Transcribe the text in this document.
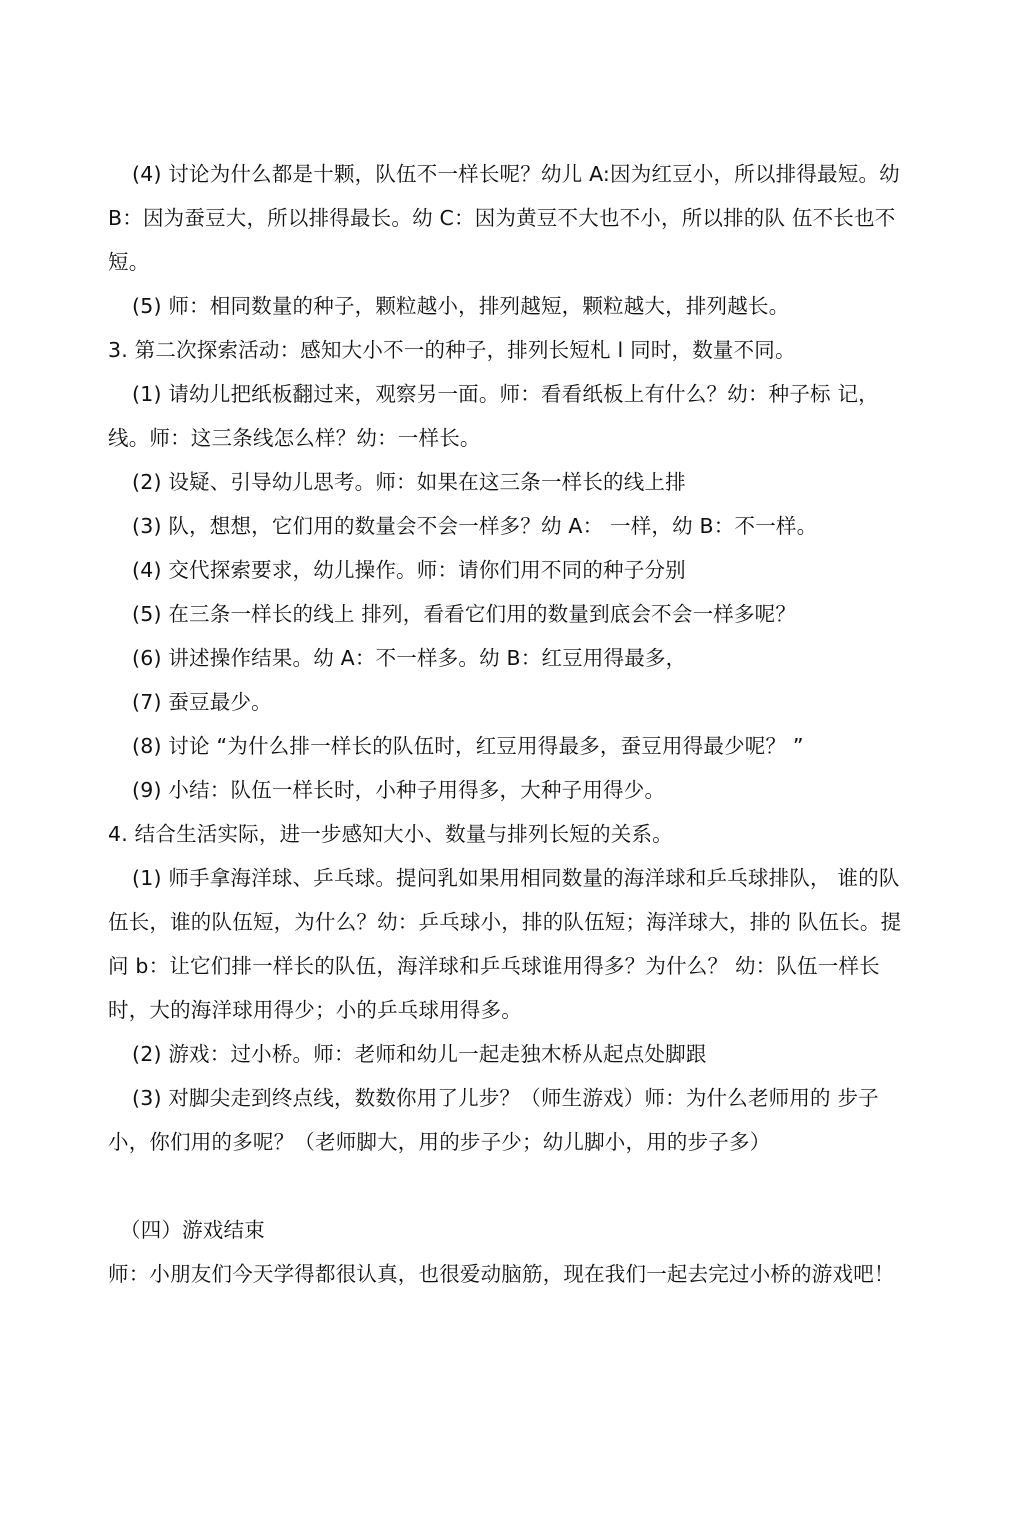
(4) 讨论为什么都是十颗，队伍不一样长呢？幼儿 A:因为红豆小，所以排得最短。幼 B：因为蚕豆大，所以排得最长。幼 C：因为黄豆不大也不小，所以排的队 伍不长也不短。

(5) 师：相同数量的种子，颗粒越小，排列越短，颗粒越大，排列越长。

3. 第二次探索活动：感知大小不一的种子，排列长短札 l 同时，数量不同。

(1) 请幼儿把纸板翻过来，观察另一面。师：看看纸板上有什么？幼：种子标 记，线。师：这三条线怎么样？幼：一样长。

(2) 设疑、引导幼儿思考。师：如果在这三条一样长的线上排

(3) 队，想想，它们用的数量会不会一样多？幼 A： 一样，幼 B：不一样。

(4) 交代探索要求，幼儿操作。师：请你们用不同的种子分别

(5) 在三条一样长的线上 排列，看看它们用的数量到底会不会一样多呢？

(6) 讲述操作结果。幼 A：不一样多。幼 B：红豆用得最多，

(7) 蚕豆最少。

(8) 讨论 “为什么排一样长的队伍时，红豆用得最多，蚕豆用得最少呢？ ”

(9) 小结：队伍一样长时，小种子用得多，大种子用得少。

4. 结合生活实际，进一步感知大小、数量与排列长短的关系。

(1) 师手拿海洋球、乒乓球。提问乳如果用相同数量的海洋球和乒乓球排队， 谁的队伍长，谁的队伍短，为什么？幼：乒乓球小，排的队伍短；海洋球大，排的 队伍长。提问 b：让它们排一样长的队伍，海洋球和乒乓球谁用得多？为什么？ 幼：队伍一样长时，大的海洋球用得少；小的乒乓球用得多。

(2) 游戏：过小桥。师：老师和幼儿一起走独木桥从起点处脚跟

(3) 对脚尖走到终点线，数数你用了儿步？（师生游戏）师：为什么老师用的 步子小，你们用的多呢？（老师脚大，用的步子少；幼儿脚小，用的步子多）

（四）游戏结束

师：小朋友们今天学得都很认真，也很爱动脑筋，现在我们一起去完过小桥的游戏吧！
